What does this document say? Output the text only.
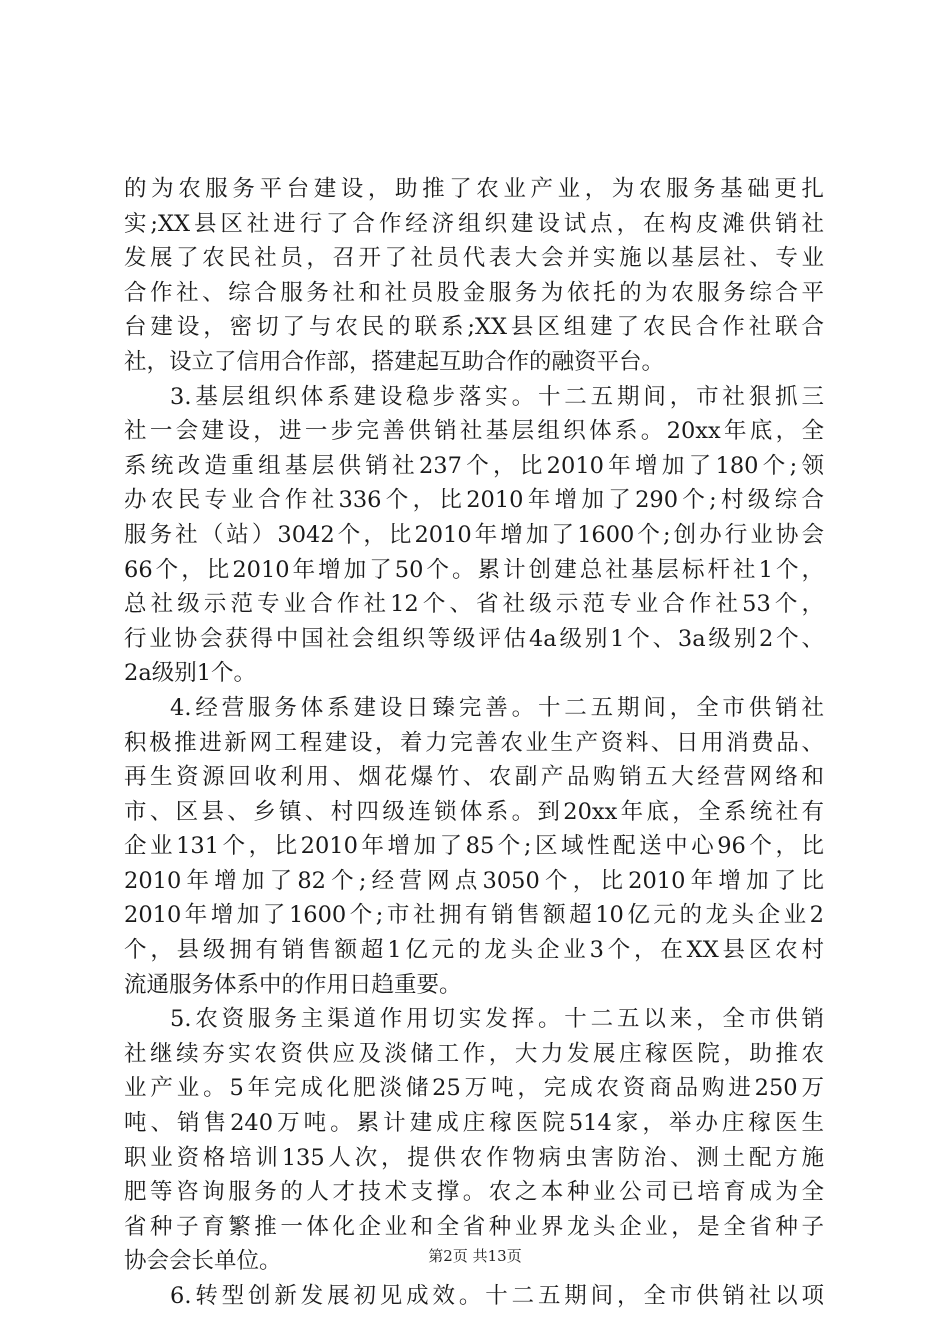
的为农服务平台建设，助推了农业产业，为农服务基础更扎
实;XX县区社进行了合作经济组织建设试点，在构皮滩供销社
发展了农民社员，召开了社员代表大会并实施以基层社、专业
合作社、综合服务社和社员股金服务为依托的为农服务综合平
台建设，密切了与农民的联系;XX县区组建了农民合作社联合
社，设立了信用合作部，搭建起互助合作的融资平台。
3.基层组织体系建设稳步落实。十二五期间，市社狠抓三
社一会建设，进一步完善供销社基层组织体系。20xx年底，全
系统改造重组基层供销社237个，比2010年增加了180个;领
办农民专业合作社336个，比2010年增加了290个;村级综合
服务社（站）3042个，比2010年增加了1600个;创办行业协会
66个，比2010年增加了50个。累计创建总社基层标杆社1个，
总社级示范专业合作社12个、省社级示范专业合作社53个，
行业协会获得中国社会组织等级评估4a级别1个、3a级别2个、
2a级别1个。
4.经营服务体系建设日臻完善。十二五期间，全市供销社
积极推进新网工程建设，着力完善农业生产资料、日用消费品、
再生资源回收利用、烟花爆竹、农副产品购销五大经营网络和
市、区县、乡镇、村四级连锁体系。到20xx年底，全系统社有
企业131个，比2010年增加了85个;区域性配送中心96个，比
2010年增加了82个;经营网点3050个，比2010年增加了比
2010年增加了1600个;市社拥有销售额超10亿元的龙头企业2
个，县级拥有销售额超1亿元的龙头企业3个，在XX县区农村
流通服务体系中的作用日趋重要。
5.农资服务主渠道作用切实发挥。十二五以来，全市供销
社继续夯实农资供应及淡储工作，大力发展庄稼医院，助推农
业产业。5年完成化肥淡储25万吨，完成农资商品购进250万
吨、销售240万吨。累计建成庄稼医院514家，举办庄稼医生
职业资格培训135人次，提供农作物病虫害防治、测土配方施
肥等咨询服务的人才技术支撑。农之本种业公司已培育成为全
省种子育繁推一体化企业和全省种业界龙头企业，是全省种子
协会会长单位。
6.转型创新发展初见成效。十二五期间，全市供销社以项
第2页 共13页
